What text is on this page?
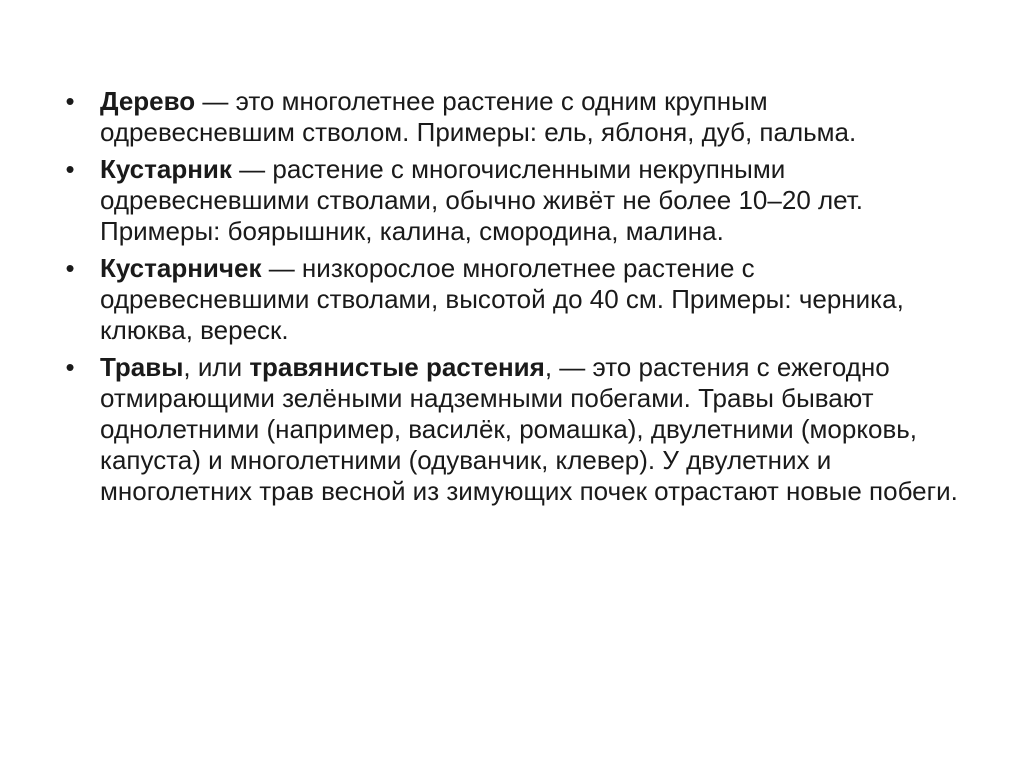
• Дерево — это многолетнее растение с одним крупным одревесневшим стволом. Примеры: ель, яблоня, дуб, пальма.
• Кустарник — растение с многочисленными некрупными одревесневшими стволами, обычно живёт не более 10–20 лет. Примеры: боярышник, калина, смородина, малина.
• Кустарничек — низкорослое многолетнее растение с одревесневшими стволами, высотой до 40 см. Примеры: черника, клюква, вереск.
• Травы, или травянистые растения, — это растения с ежегодно отмирающими зелёными надземными побегами. Травы бывают однолетними (например, василёк, ромашка), двулетними (морковь, капуста) и многолетними (одуванчик, клевер). У двулетних и многолетних трав весной из зимующих почек отрастают новые побеги.
